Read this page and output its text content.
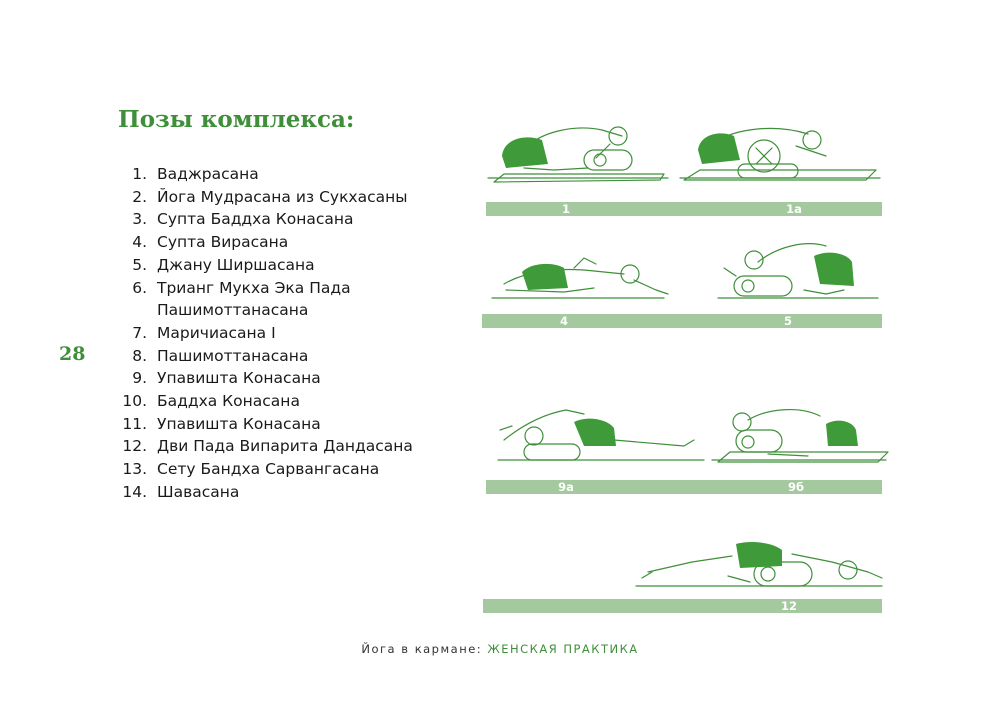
Позы комплекса:
1. Ваджрасана
2. Йога Мудрасана из Сукхасаны
3. Супта Баддха Конасана
4. Супта Вирасана
5. Джану Ширшасана
6. Трианг Мукха Эка Пада
Пашимоттанасана
7. Маричиасана I
8. Пашимоттанасана
9. Упавишта Конасана
10. Баддха Конасана
11. Упавишта Конасана
12. Дви Пада Випарита Дандасана
13. Сету Бандха Сарвангасана
14. Шавасана
28
1	1a
4	5
9a	9б
12
Йога в кармане: ЖЕНСКАЯ ПРАКТИКА
